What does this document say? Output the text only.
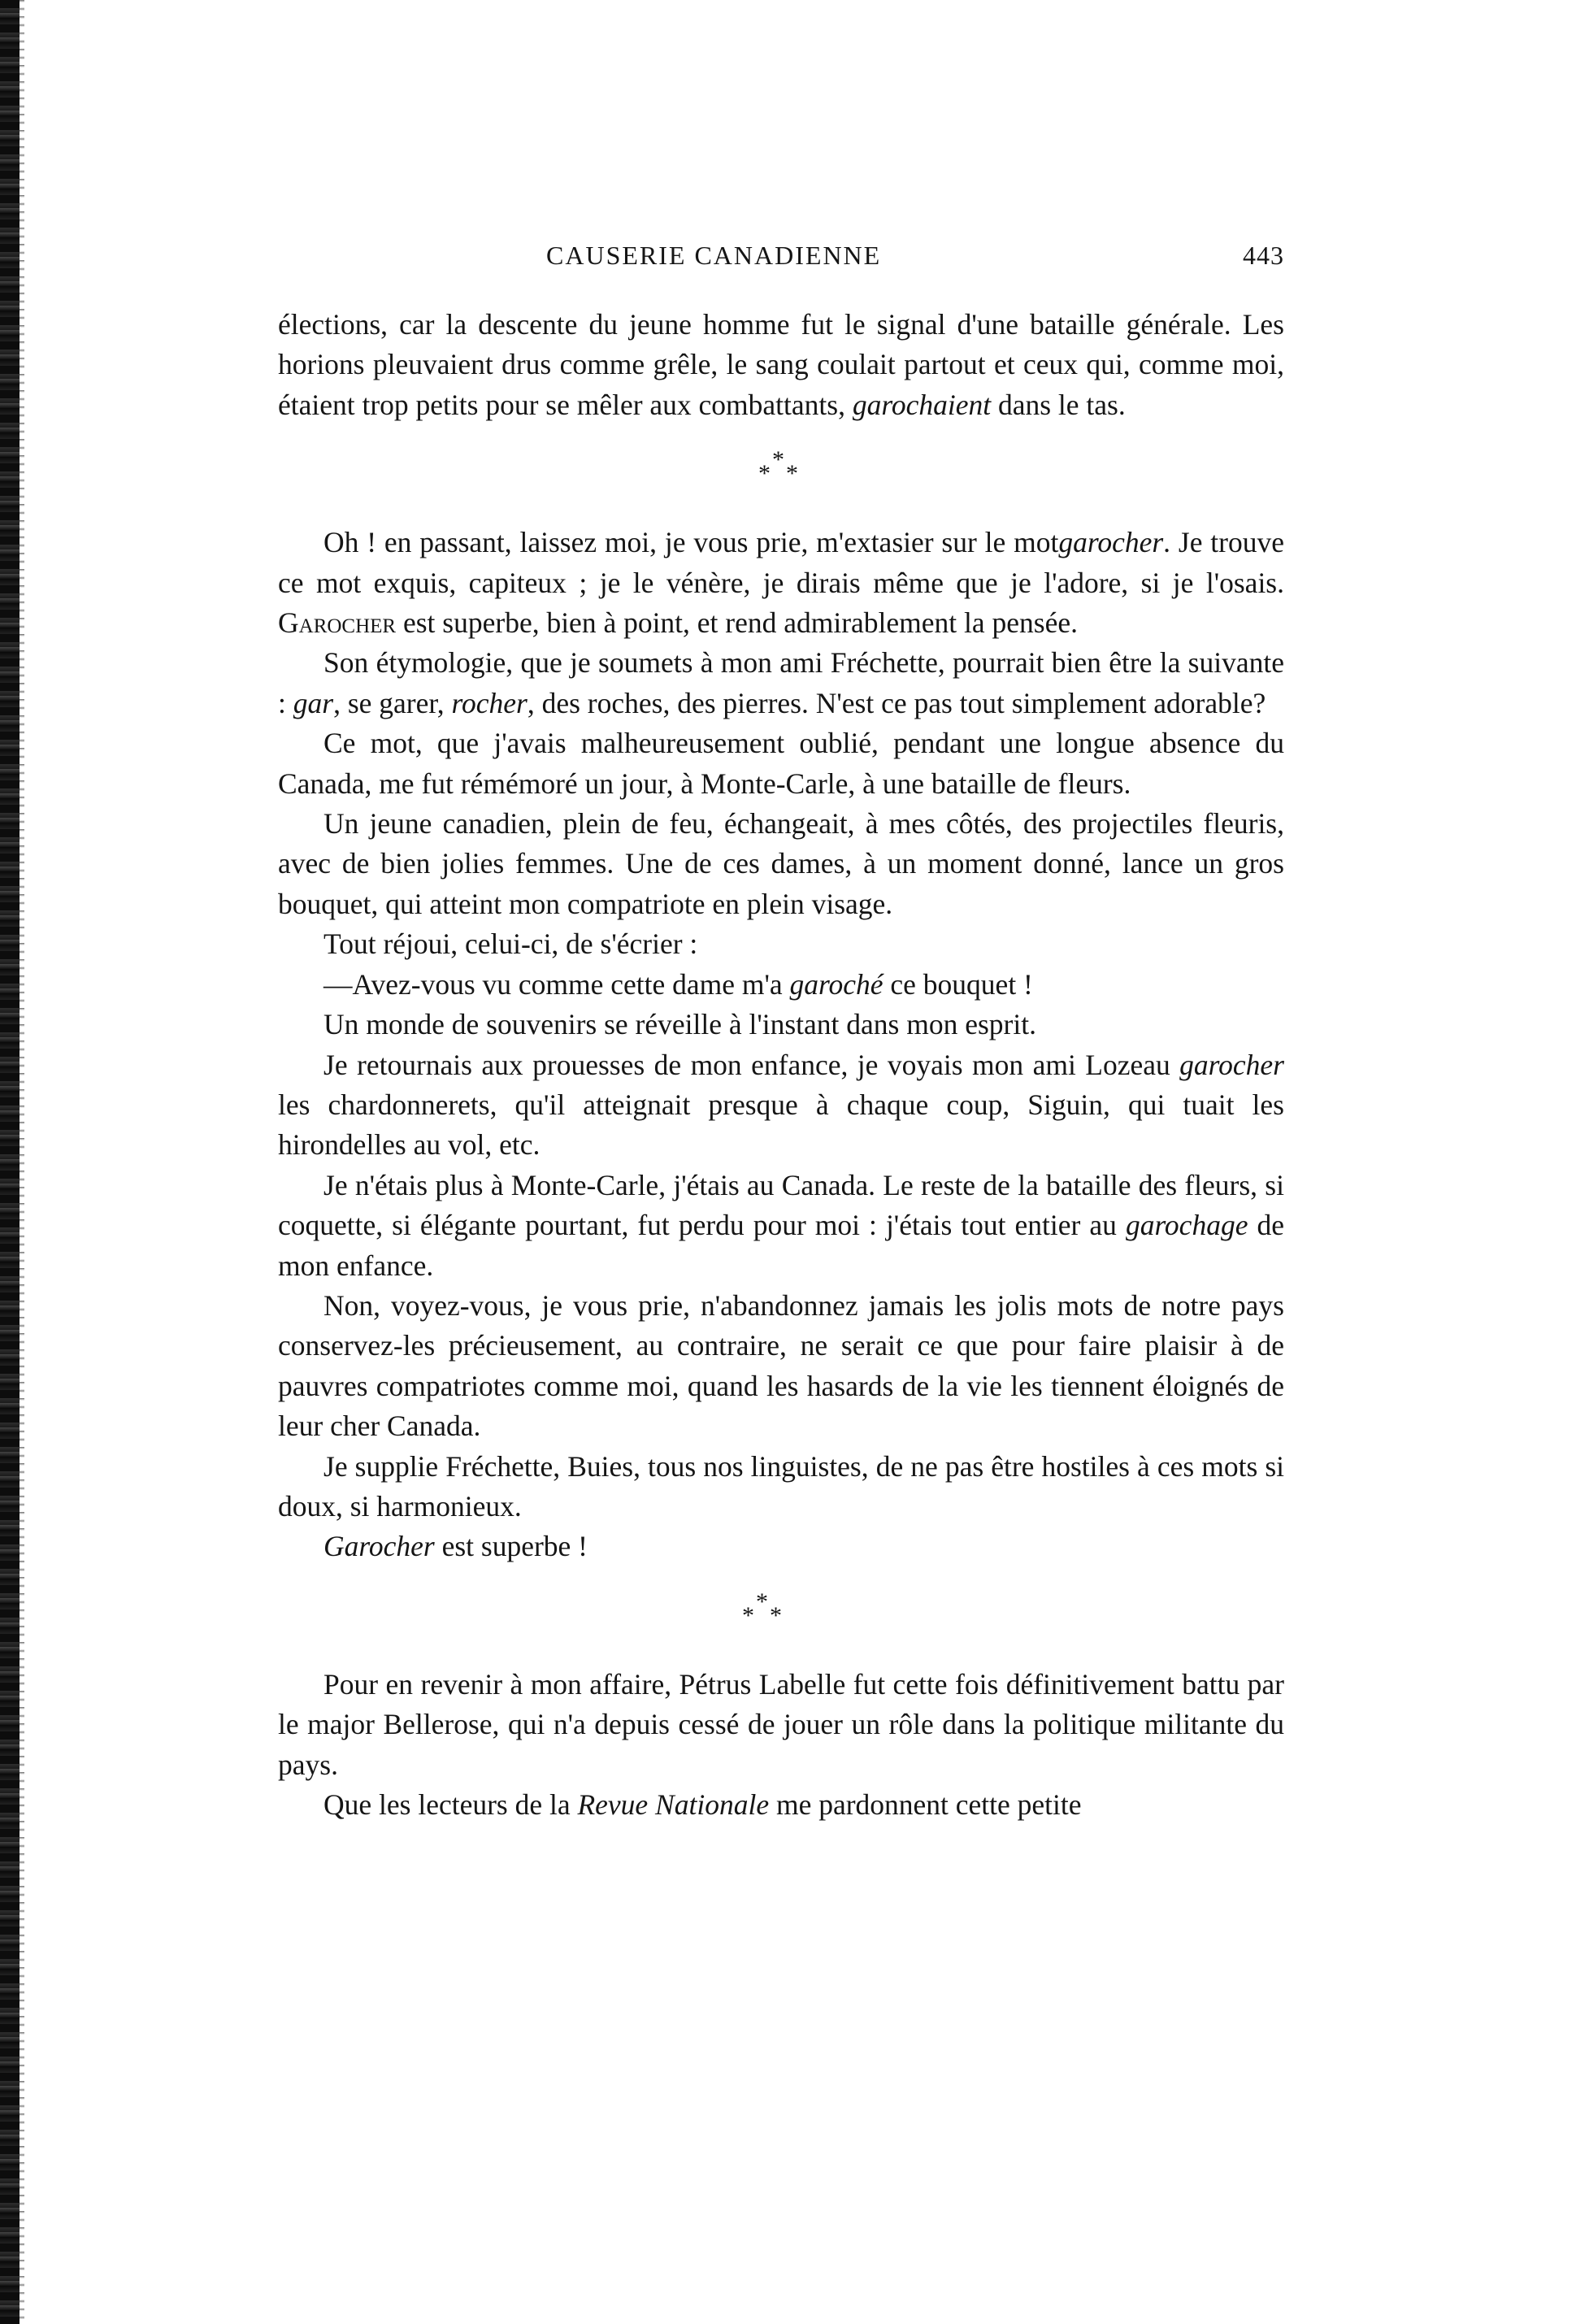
CAUSERIE CANADIENNE	443

élections, car la descente du jeune homme fut le signal d'une bataille générale. Les horions pleuvaient drus comme grêle, le sang coulait partout et ceux qui, comme moi, étaient trop petits pour se mêler aux combattants, garochaient dans le tas.

*
*
*

Oh ! en passant, laissez moi, je vous prie, m'extasier sur le motgarocher. Je trouve ce mot exquis, capiteux ; je le vénère, je dirais même que je l'adore, si je l'osais. Garocher est superbe, bien à point, et rend admirablement la pensée.

Son étymologie, que je soumets à mon ami Fréchette, pourrait bien être la suivante : gar, se garer, rocher, des roches, des pierres. N'est ce pas tout simplement adorable?

Ce mot, que j'avais malheureusement oublié, pendant une longue absence du Canada, me fut rémémoré un jour, à Monte-Carle, à une bataille de fleurs.

Un jeune canadien, plein de feu, échangeait, à mes côtés, des projectiles fleuris, avec de bien jolies femmes. Une de ces dames, à un moment donné, lance un gros bouquet, qui atteint mon compatriote en plein visage.

Tout réjoui, celui-ci, de s'écrier :

—Avez-vous vu comme cette dame m'a garoché ce bouquet !

Un monde de souvenirs se réveille à l'instant dans mon esprit.

Je retournais aux prouesses de mon enfance, je voyais mon ami Lozeau garocher les chardonnerets, qu'il atteignait presque à chaque coup, Siguin, qui tuait les hirondelles au vol, etc.

Je n'étais plus à Monte-Carle, j'étais au Canada. Le reste de la bataille des fleurs, si coquette, si élégante pourtant, fut perdu pour moi : j'étais tout entier au garochage de mon enfance.

Non, voyez-vous, je vous prie, n'abandonnez jamais les jolis mots de notre pays conservez-les précieusement, au contraire, ne serait ce que pour faire plaisir à de pauvres compatriotes comme moi, quand les hasards de la vie les tiennent éloignés de leur cher Canada.

Je supplie Fréchette, Buies, tous nos linguistes, de ne pas être hostiles à ces mots si doux, si harmonieux.

Garocher est superbe !

*
*
*

Pour en revenir à mon affaire, Pétrus Labelle fut cette fois définitivement battu par le major Bellerose, qui n'a depuis cessé de jouer un rôle dans la politique militante du pays.

Que les lecteurs de la Revue Nationale me pardonnent cette petite
